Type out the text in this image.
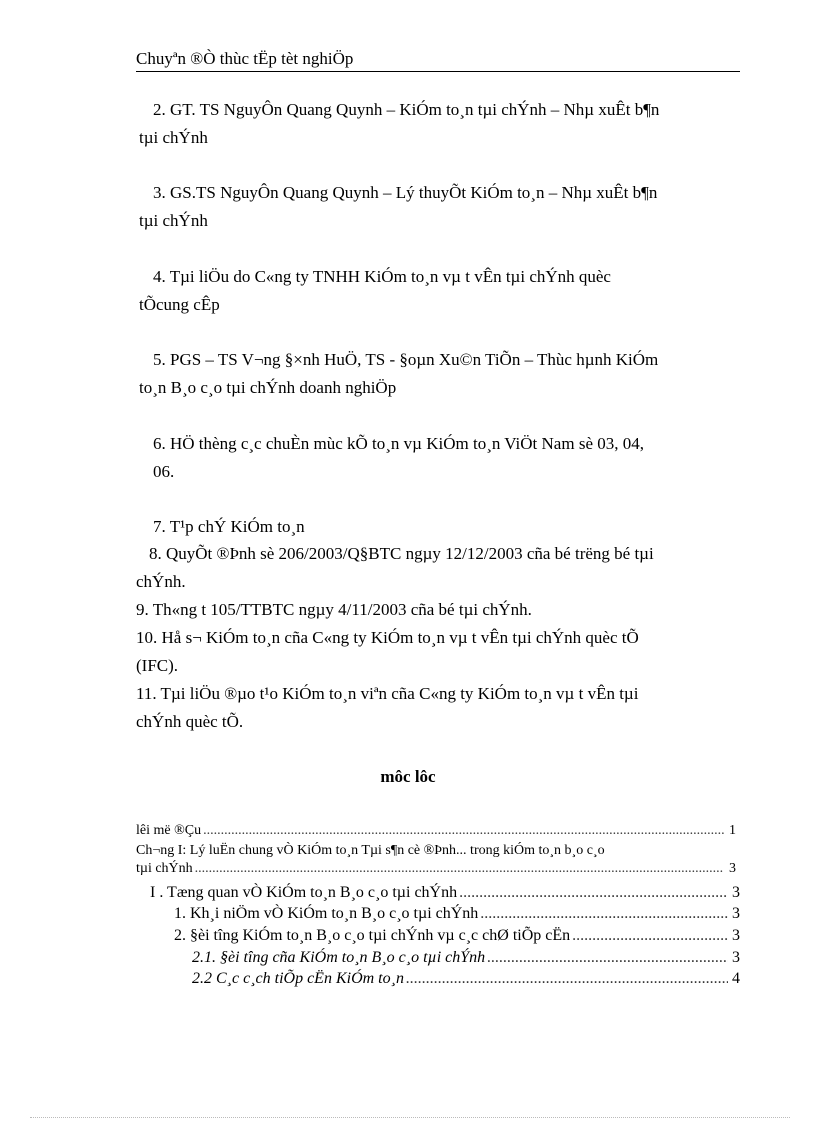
Chuyªn ®Ò thùc tËp tèt nghiÖp
2. GT. TS NguyÔn Quang Quynh – KiÓm to¸n tµi chÝnh – Nhµ xuÊt b¶n
tµi chÝnh
3. GS.TS NguyÔn Quang Quynh – Lý thuyÕt KiÓm to¸n – Nhµ xuÊt b¶n
tµi chÝnh
4. Tµi liÖu do C«ng ty TNHH KiÓm to¸n vµ t vÊn tµi chÝnh quèc
tÕcung cÊp
5. PGS – TS V¬ng §×nh HuÖ, TS - §oµn Xu©n TiÕn – Thùc hµnh KiÓm
to¸n B¸o c¸o tµi chÝnh doanh nghiÖp
6. HÖ thèng c¸c chuÈn mùc kÕ to¸n vµ KiÓm to¸n ViÖt Nam sè 03, 04,
06.
7. T¹p chÝ KiÓm to¸n
8. QuyÕt ®Þnh sè 206/2003/Q§BTC ngµy 12/12/2003 cña bé trëng bé tµi
chÝnh.
9. Th«ng t 105/TTBTC ngµy 4/11/2003 cña bé tµi chÝnh.
10. Hå s¬ KiÓm to¸n cña C«ng ty KiÓm to¸n vµ t vÊn tµi chÝnh quèc tÕ
(IFC).
11. Tµi liÖu ®µo t¹o KiÓm to¸n viªn cña C«ng ty KiÓm to¸n vµ t vÊn tµi
chÝnh quèc tÕ.
môc lôc
lêi më ®Çu .....	1
Ch¬ng I: Lý luËn chung vÒ KiÓm to¸n Tµi s¶n cè ®Þnh... trong kiÓm to¸n b¸o c¸o
tµi chÝnh .....	3
I . Tæng quan vÒ KiÓm to¸n B¸o c¸o tµi chÝnh .....	3
1. Kh¸i niÖm vÒ KiÓm to¸n B¸o c¸o tµi chÝnh .....	3
2. §èi tîng KiÓm to¸n B¸o c¸o tµi chÝnh vµ c¸c chØ tiÕp cËn .....	3
2.1. §èi tîng cña KiÓm to¸n B¸o c¸o tµi chÝnh .....	3
2.2 C¸c c¸ch tiÕp cËn KiÓm to¸n .....	4
